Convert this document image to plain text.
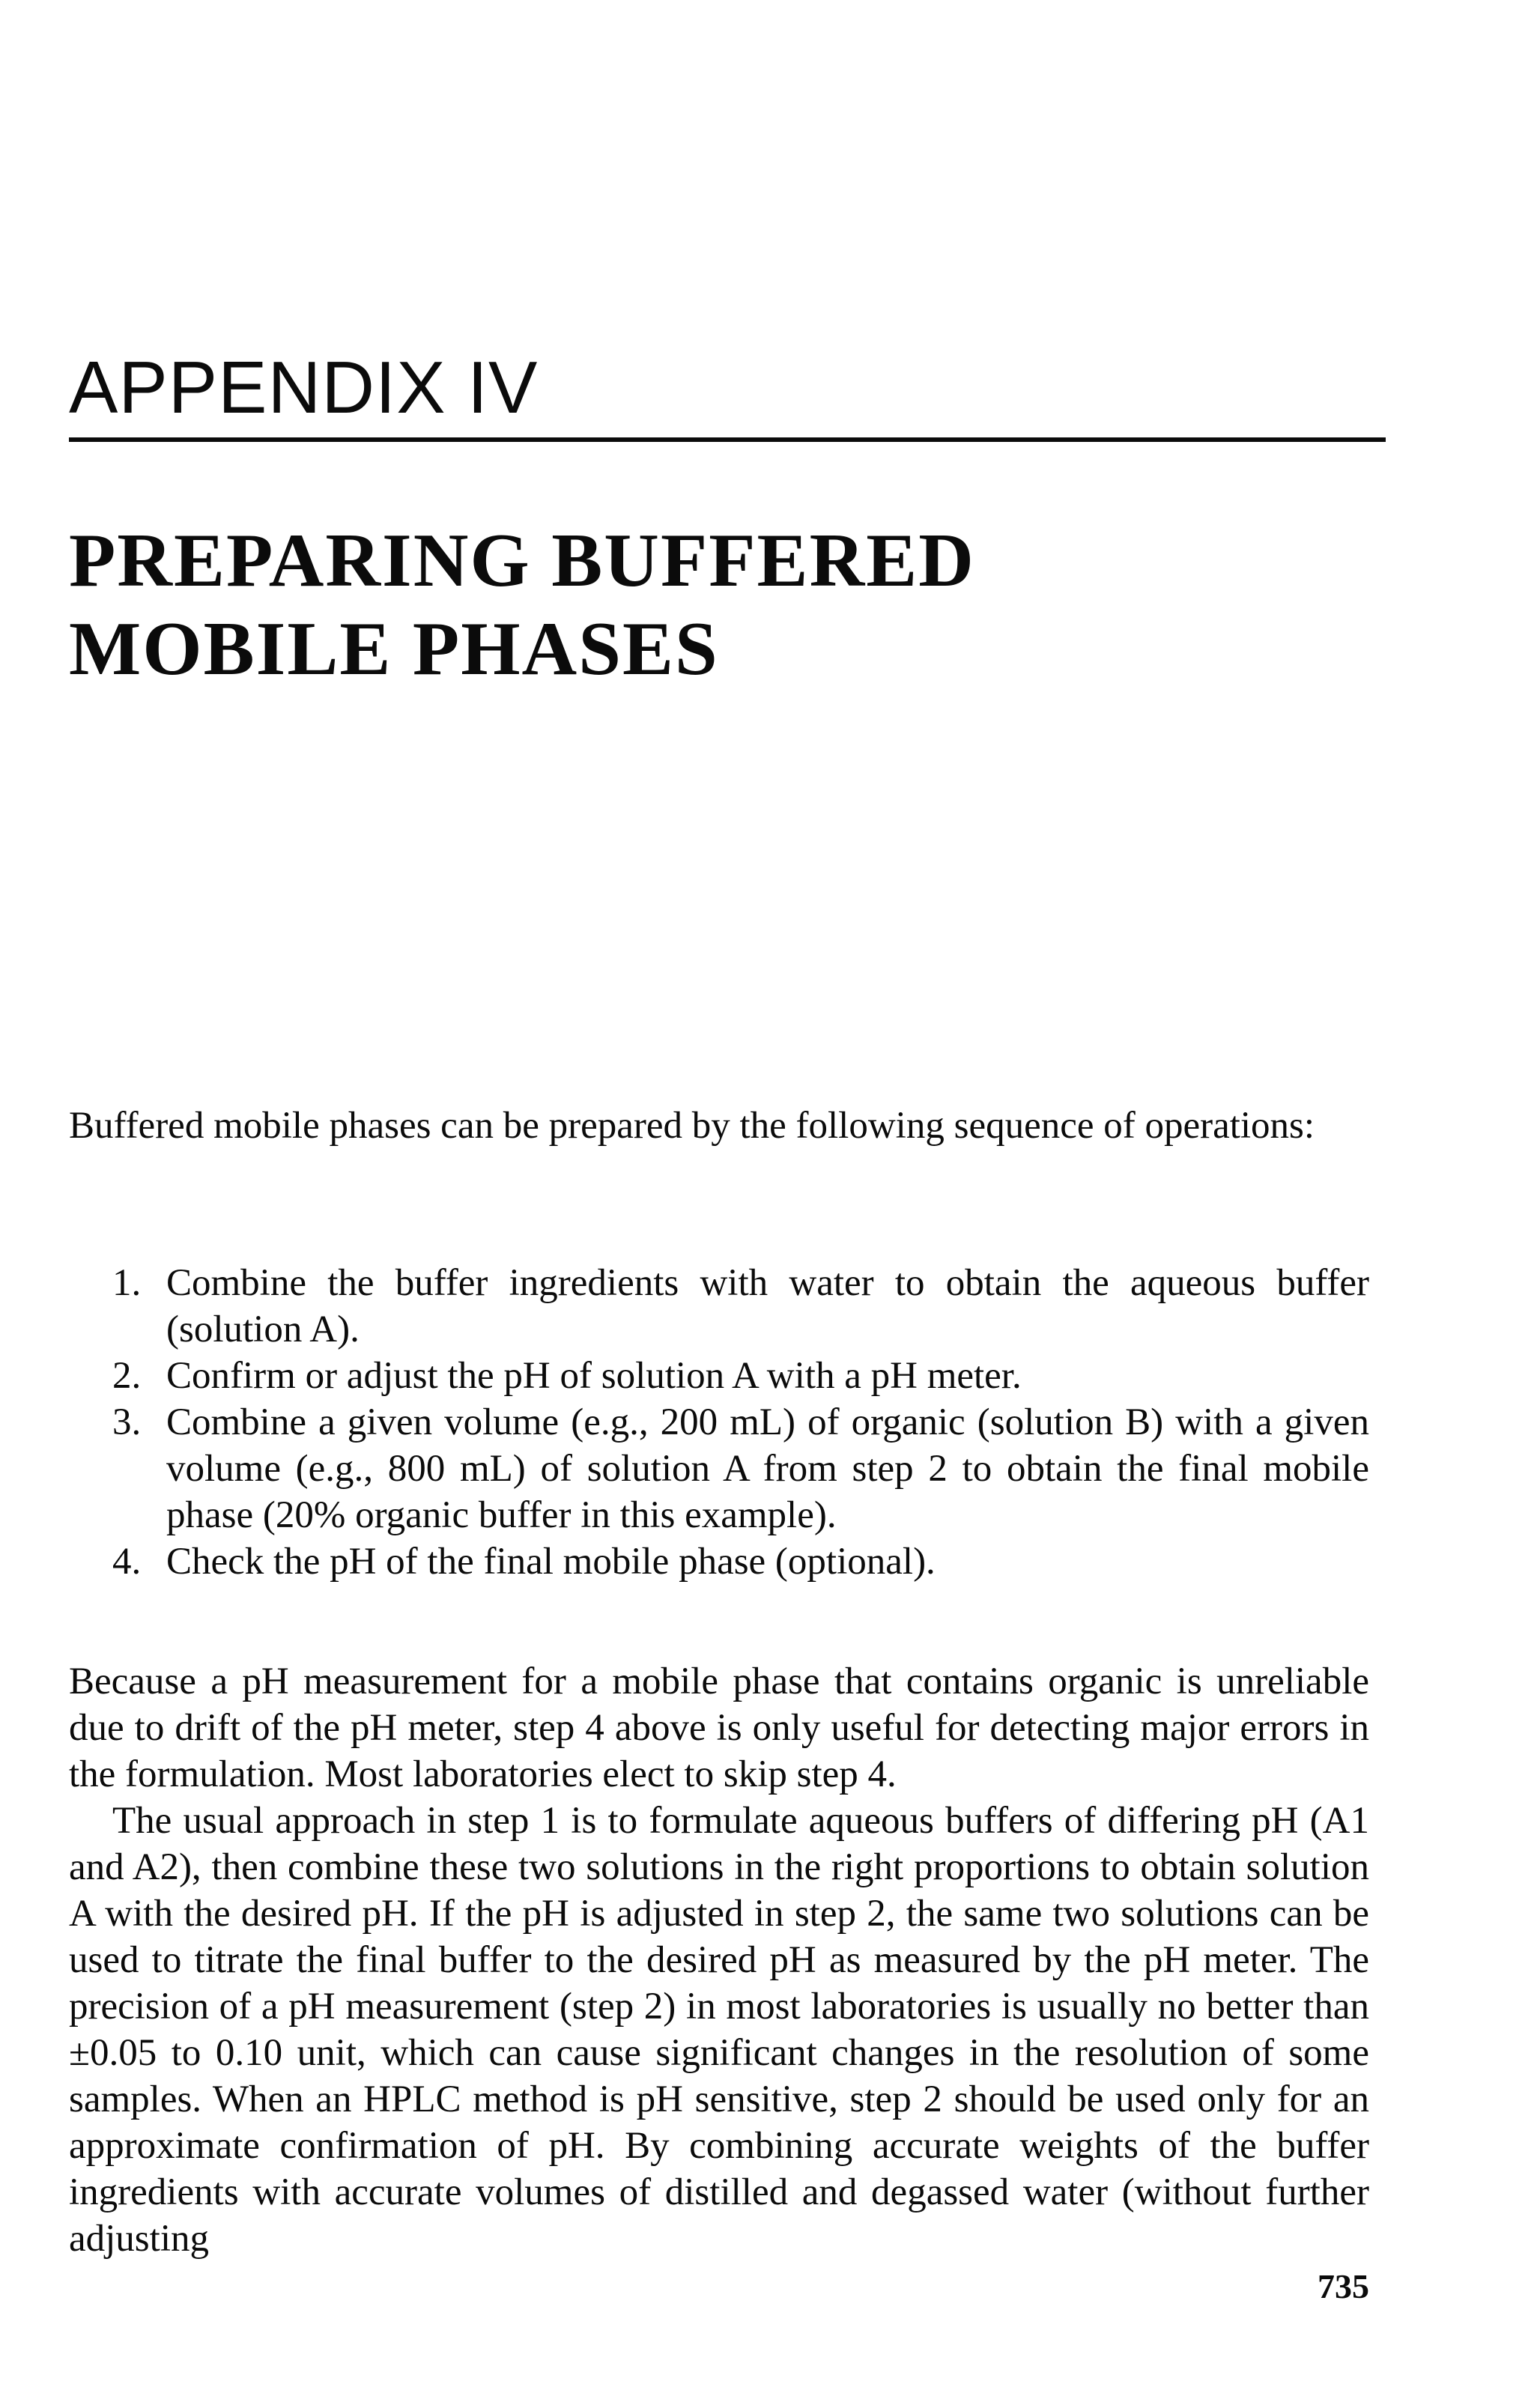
APPENDIX IV
PREPARING BUFFERED
MOBILE PHASES

Buffered mobile phases can be prepared by the following sequence of operations:

1. Combine the buffer ingredients with water to obtain the aqueous buffer (solution A).
2. Confirm or adjust the pH of solution A with a pH meter.
3. Combine a given volume (e.g., 200 mL) of organic (solution B) with a given volume (e.g., 800 mL) of solution A from step 2 to obtain the final mobile phase (20% organic buffer in this example).
4. Check the pH of the final mobile phase (optional).

Because a pH measurement for a mobile phase that contains organic is unreliable due to drift of the pH meter, step 4 above is only useful for detecting major errors in the formulation. Most laboratories elect to skip step 4.

The usual approach in step 1 is to formulate aqueous buffers of differing pH (A1 and A2), then combine these two solutions in the right proportions to obtain solution A with the desired pH. If the pH is adjusted in step 2, the same two solutions can be used to titrate the final buffer to the desired pH as measured by the pH meter. The precision of a pH measurement (step 2) in most laboratories is usually no better than ±0.05 to 0.10 unit, which can cause significant changes in the resolution of some samples. When an HPLC method is pH sensitive, step 2 should be used only for an approximate confirmation of pH. By combining accurate weights of the buffer ingredients with accurate volumes of distilled and degassed water (without further adjusting

735
